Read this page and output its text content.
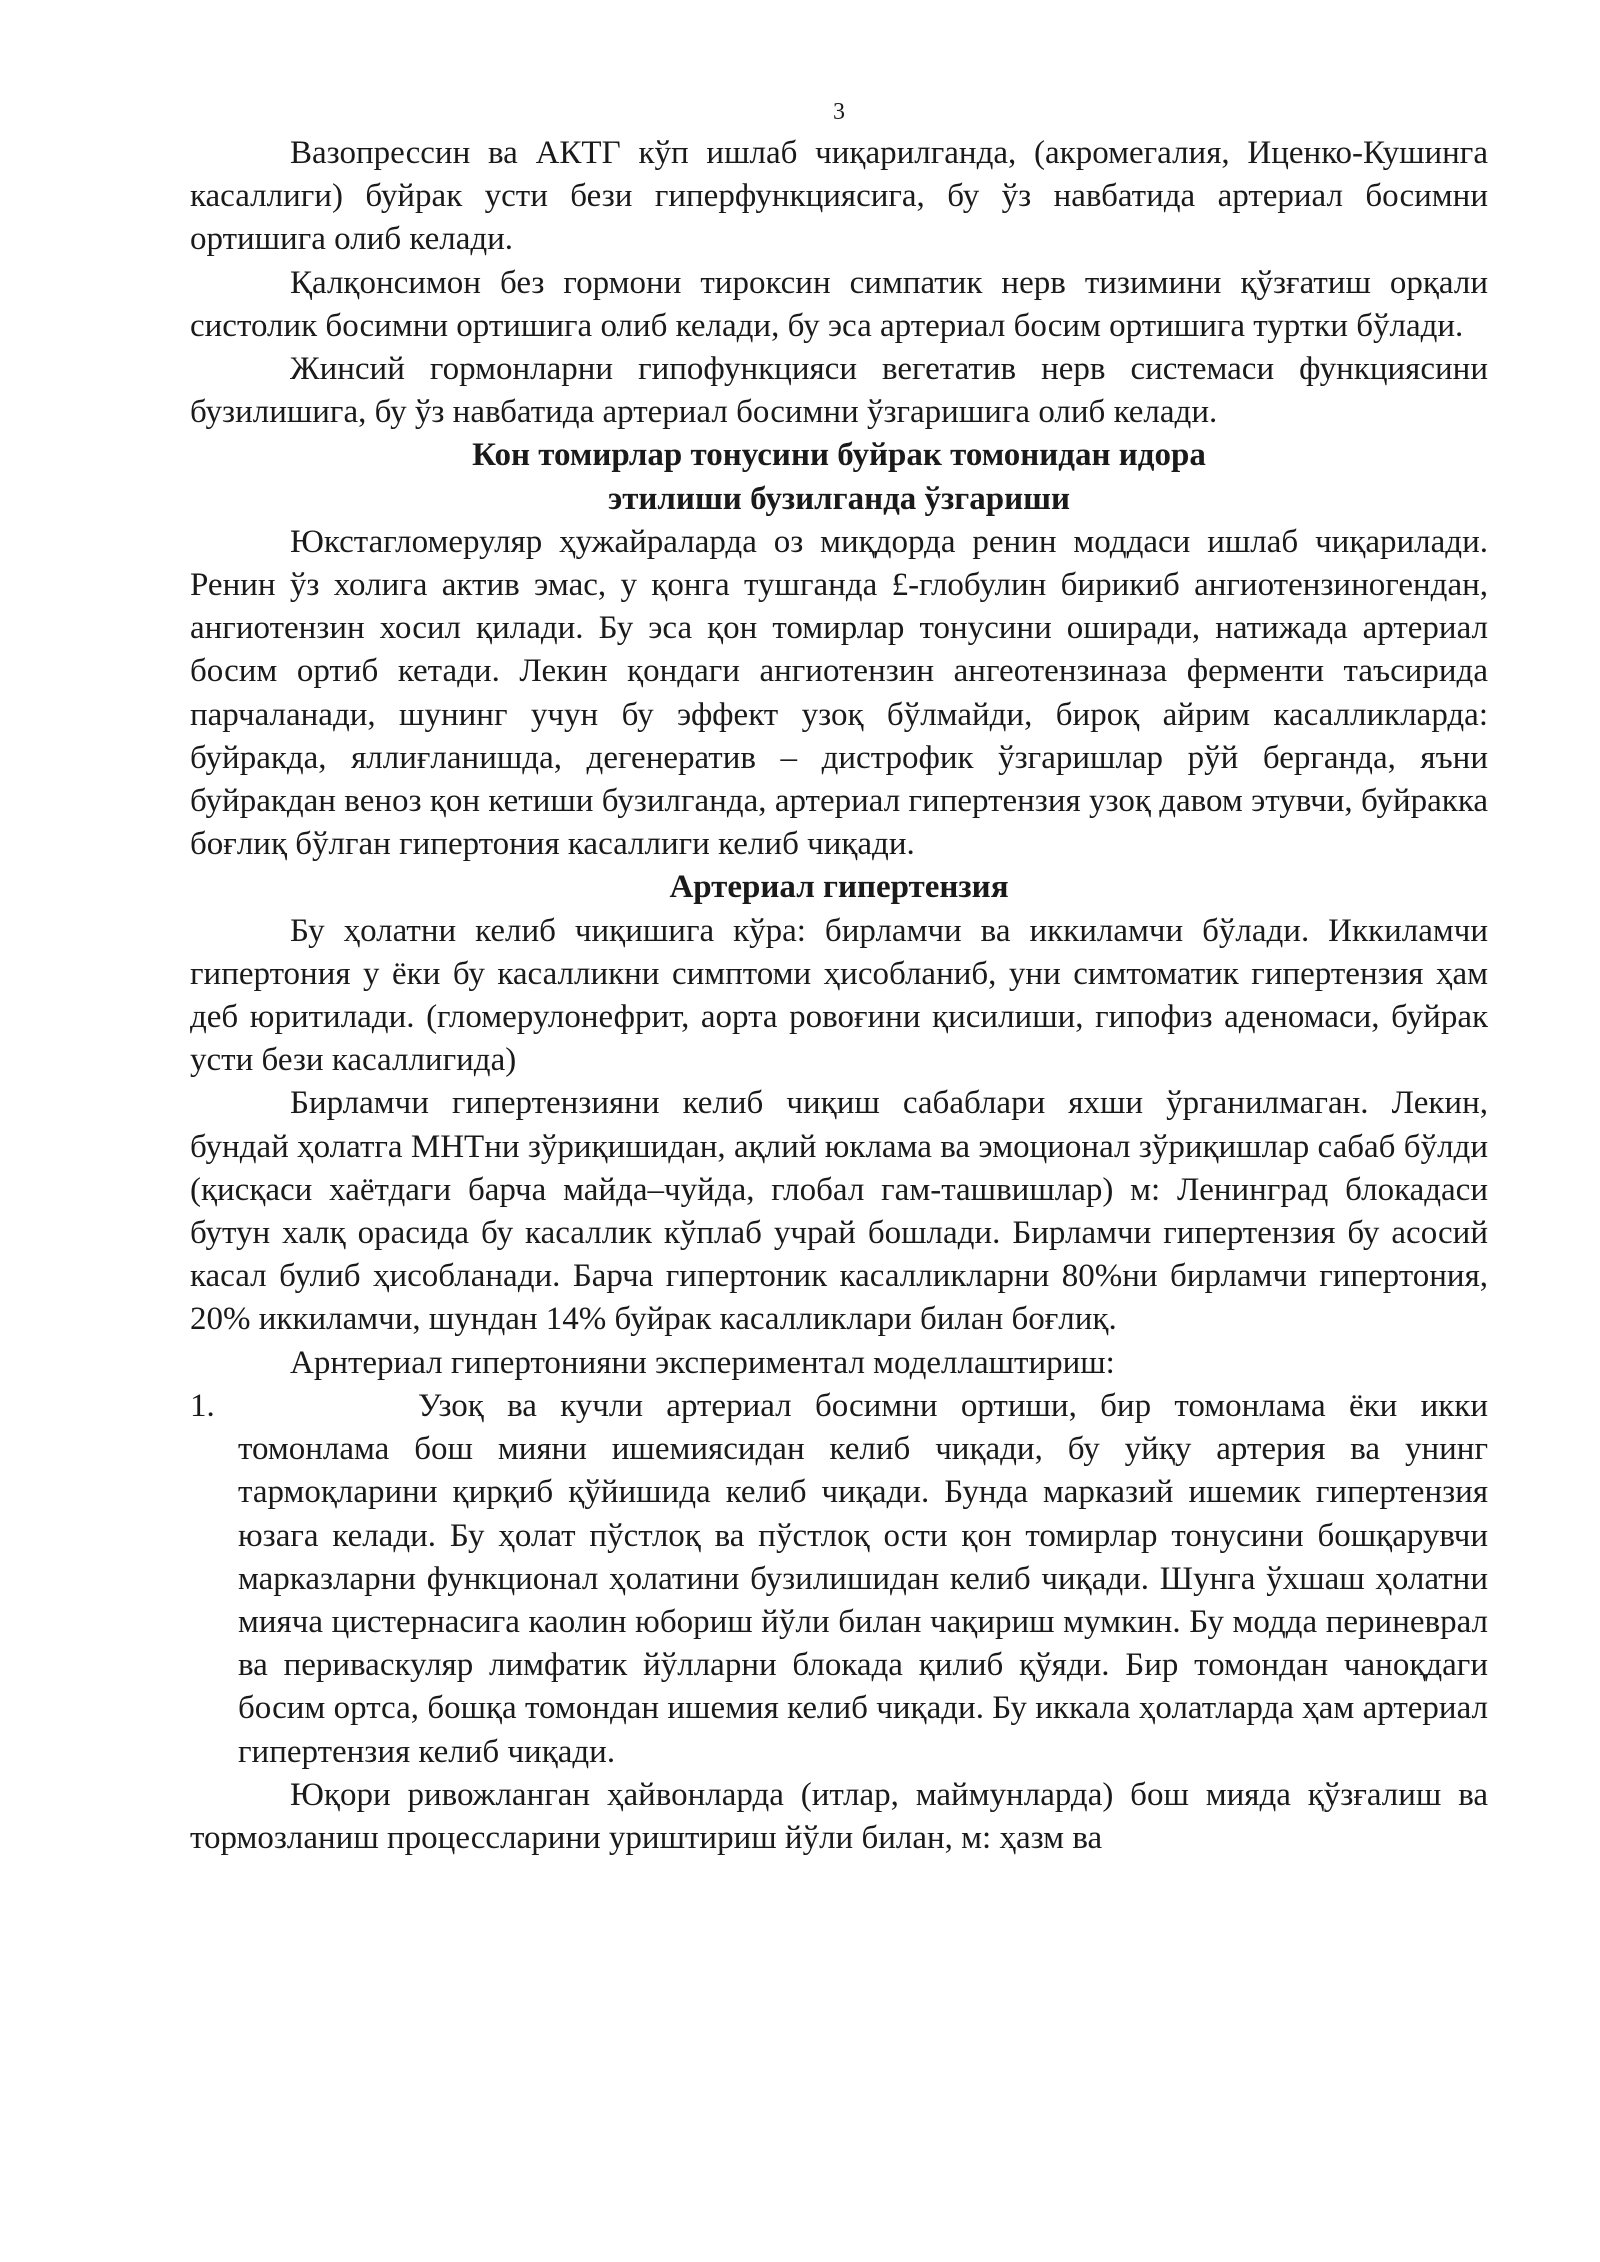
3

Вазопрессин ва АКТГ кўп ишлаб чиқарилганда, (акромегалия, Иценко-Кушинга касаллиги) буйрак усти бези гиперфункциясига, бу ўз навбатида артериал босимни ортишига олиб келади.

Қалқонсимон без гормони тироксин симпатик нерв тизимини қўзғатиш орқали систолик босимни ортишига олиб келади, бу эса артериал босим ортишига туртки бўлади.

Жинсий гормонларни гипофункцияси вегетатив нерв системаси функциясини бузилишига, бу ўз навбатида артериал босимни ўзгаришига олиб келади.

Кон томирлар тонусини буйрак томонидан идора
этилиши бузилганда ўзгариши

Юкстагломеруляр ҳужайраларда оз миқдорда ренин моддаси ишлаб чиқарилади. Ренин ўз холига актив эмас, у қонга тушганда £-глобулин бирикиб ангиотензиногендан, ангиотензин хосил қилади. Бу эса қон томирлар тонусини оширади, натижада артериал босим ортиб кетади. Лекин қондаги ангиотензин ангеотензиназа ферменти таъсирида парчаланади, шунинг учун бу эффект узоқ бўлмайди, бироқ айрим касалликларда: буйракда, яллиғланишда, дегенератив – дистрофик ўзгаришлар рўй берганда, яъни буйракдан веноз қон кетиши бузилганда, артериал гипертензия узоқ давом этувчи, буйракка боғлиқ бўлган гипертония касаллиги келиб чиқади.

Артериал гипертензия

Бу ҳолатни келиб чиқишига кўра: бирламчи ва иккиламчи бўлади. Иккиламчи гипертония у ёки бу касалликни симптоми ҳисобланиб, уни симтоматик гипертензия ҳам деб юритилади. (гломерулонефрит, аорта ровоғини қисилиши, гипофиз аденомаси, буйрак усти бези касаллигида)

Бирламчи гипертензияни келиб чиқиш сабаблари яхши ўрганилмаган. Лекин, бундай ҳолатга МНТни зўриқишидан, ақлий юклама ва эмоционал зўриқишлар сабаб бўлди (қисқаси хаётдаги барча майда–чуйда, глобал гам-ташвишлар) м: Ленинград блокадаси бутун халқ орасида бу касаллик кўплаб учрай бошлади. Бирламчи гипертензия бу асосий касал булиб ҳисобланади. Барча гипертоник касалликларни 80%ни бирламчи гипертония, 20% иккиламчи, шундан 14% буйрак касалликлари билан боғлиқ.

Арнтериал гипертонияни экспериментал моделлаштириш:

1.	Узоқ ва кучли артериал босимни ортиши, бир томонлама ёки икки томонлама бош мияни ишемиясидан келиб чиқади, бу уйқу артерия ва унинг тармоқларини қирқиб қўйишида келиб чиқади. Бунда марказий ишемик гипертензия юзага келади. Бу ҳолат пўстлоқ ва пўстлоқ ости қон томирлар тонусини бошқарувчи марказларни функционал ҳолатини бузилишидан келиб чиқади. Шунга ўхшаш ҳолатни мияча цистернасига каолин юбориш йўли билан чақириш мумкин. Бу модда периневрал ва периваскуляр лимфатик йўлларни блокада қилиб қўяди. Бир томондан чаноқдаги босим ортса, бошқа томондан ишемия келиб чиқади. Бу иккала ҳолатларда ҳам артериал гипертензия келиб чиқади.

Юқори ривожланган ҳайвонларда (итлар, маймунларда) бош мияда қўзғалиш ва тормозланиш процессларини уриштириш йўли билан, м: ҳазм ва
